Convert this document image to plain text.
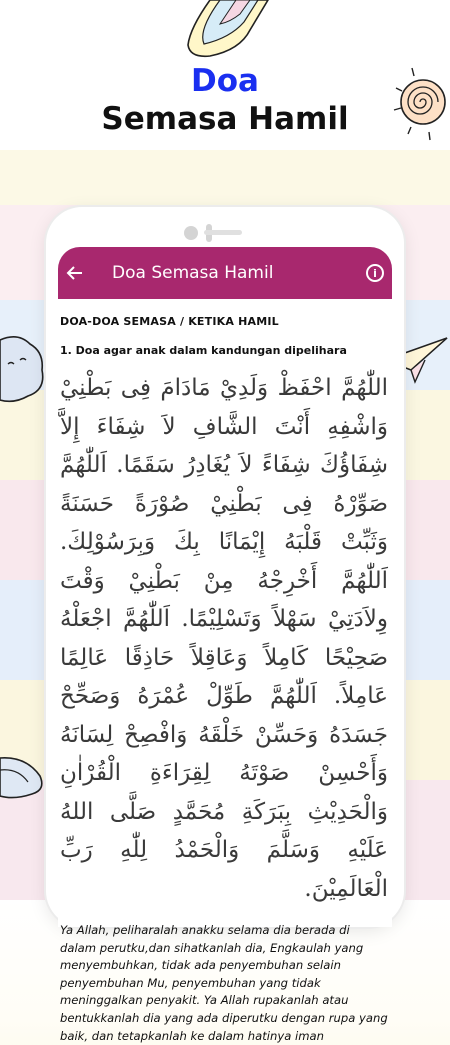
Doa
Semasa Hamil
Doa Semasa Hamil	i
DOA-DOA SEMASA / KETIKA HAMIL
1. Doa agar anak dalam kandungan dipelihara
اللّٰهُمَّ احْفَظْ وَلَدِيْ مَادَامَ فِى بَطْنِيْ وَاشْفِهِ أَنْتَ الشَّافِ لاَ شِفَاءَ إِلاَّ شِفَاؤُكَ شِفَاءً لاَ يُغَادِرُ سَقَمًا. اَللّٰهُمَّ صَوِّرْهُ فِى بَطْنِيْ صُوْرَةً حَسَنَةً وَثَبِّتْ قَلْبَهُ إِيْمَانًا بِكَ وَبِرَسُوْلِكَ. اَللّٰهُمَّ أَخْرِجْهُ مِنْ بَطْنِيْ وَقْتَ وِلاَدَتِيْ سَهْلاً وَتَسْلِيْمًا. اَللّٰهُمَّ اجْعَلْهُ صَحِيْحًا كَامِلاً وَعَاقِلاً حَاذِقًا عَالِمًا عَامِلاً. اَللّٰهُمَّ طَوِّلْ عُمْرَهُ وَصَحِّحْ جَسَدَهُ وَحَسِّنْ خَلْقَهُ وَافْصِحْ لِسَانَهُ وَأَحْسِنْ صَوْتَهُ لِقِرَاءَةِ الْقُرْاٰنِ وَالْحَدِيْثِ بِبَرَكَةِ مُحَمَّدٍ صَلَّى اللهُ عَلَيْهِ وَسَلَّمَ وَالْحَمْدُ لِلّٰهِ رَبِّ الْعَالَمِيْنَ.
Ya Allah, peliharalah anakku selama dia berada di dalam perutku,dan sihatkanlah dia, Engkaulah yang menyembuhkan, tidak ada penyembuhan selain penyembuhan Mu, penyembuhan yang tidak meninggalkan penyakit. Ya Allah rupakanlah atau bentukkanlah dia yang ada diperutku dengan rupa yang baik, dan tetapkanlah ke dalam hatinya iman
